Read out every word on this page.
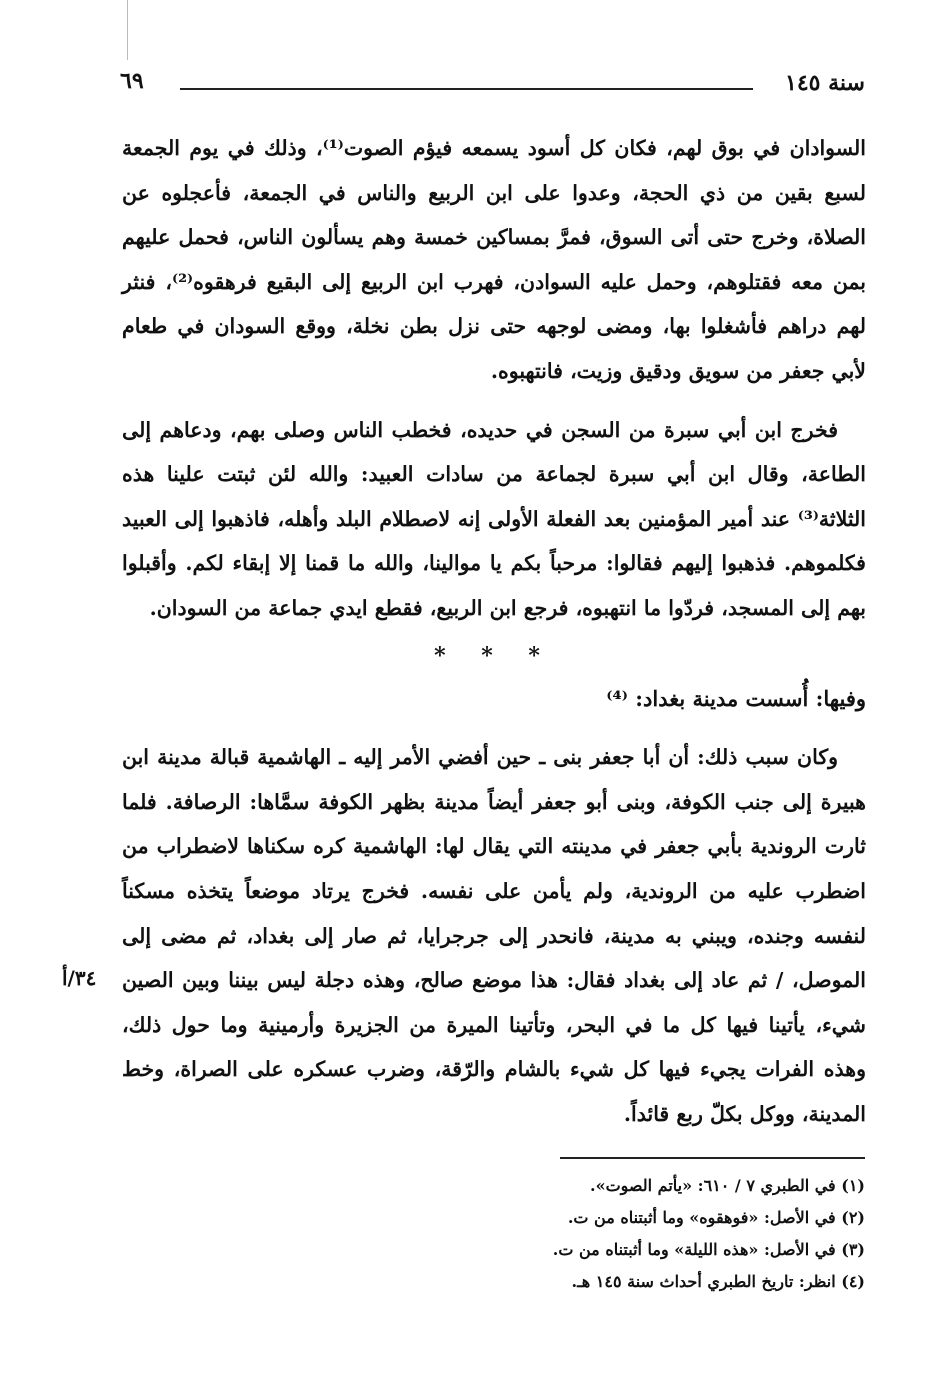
سنة ١٤٥
٦٩

السوادان في بوق لهم، فكان كل أسود يسمعه فيؤم الصوت⁽¹⁾، وذلك في يوم الجمعة لسبع بقين من ذي الحجة، وعدوا على ابن الربيع والناس في الجمعة، فأعجلوه عن الصلاة، وخرج حتى أتى السوق، فمرَّ بمساكين خمسة وهم يسألون الناس، فحمل عليهم بمن معه فقتلوهم، وحمل عليه السوادن، فهرب ابن الربيع إلى البقيع فرهقوه⁽²⁾، فنثر لهم دراهم فأشغلوا بها، ومضى لوجهه حتى نزل بطن نخلة، ووقع السودان في طعام لأبي جعفر من سويق ودقيق وزيت، فانتهبوه.

فخرج ابن أبي سبرة من السجن في حديده، فخطب الناس وصلى بهم، ودعاهم إلى الطاعة، وقال ابن أبي سبرة لجماعة من سادات العبيد: والله لئن ثبتت علينا هذه الثلاثة⁽³⁾ عند أمير المؤمنين بعد الفعلة الأولى إنه لاصطلام البلد وأهله، فاذهبوا إلى العبيد فكلموهم. فذهبوا إليهم فقالوا: مرحباً بكم يا موالينا، والله ما قمنا إلا إبقاء لكم. وأقبلوا بهم إلى المسجد، فردّوا ما انتهبوه، فرجع ابن الربيع، فقطع ايدي جماعة من السودان.

* * *

وفيها: أُسست مدينة بغداد: ⁽⁴⁾

وكان سبب ذلك: أن أبا جعفر بنى ـ حين أفضي الأمر إليه ـ الهاشمية قبالة مدينة ابن هبيرة إلى جنب الكوفة، وبنى أبو جعفر أيضاً مدينة بظهر الكوفة سمَّاها: الرصافة. فلما ثارت الروندية بأبي جعفر في مدينته التي يقال لها: الهاشمية كره سكناها لاضطراب من اضطرب عليه من الروندية، ولم يأمن على نفسه. فخرج يرتاد موضعاً يتخذه مسكناً لنفسه وجنده، ويبني به مدينة، فانحدر إلى جرجرايا، ثم صار إلى بغداد، ثم مضى إلى الموصل، / ثم عاد إلى بغداد فقال: هذا موضع صالح، وهذه دجلة ليس بيننا وبين الصين شيء، يأتينا فيها كل ما في البحر، وتأتينا الميرة من الجزيرة وأرمينية وما حول ذلك، وهذه الفرات يجيء فيها كل شيء بالشام والرّقة، وضرب عسكره على الصراة، وخط المدينة، ووكل بكلّ ربع قائداً.

٣٤/أ

(١) في الطبري ٧ / ٦١٠: «يأتم الصوت».

(٢) في الأصل: «فوهقوه» وما أثبتناه من ت.

(٣) في الأصل: «هذه الليلة» وما أثبتناه من ت.

(٤) انظر: تاريخ الطبري أحداث سنة ١٤٥ هـ.
